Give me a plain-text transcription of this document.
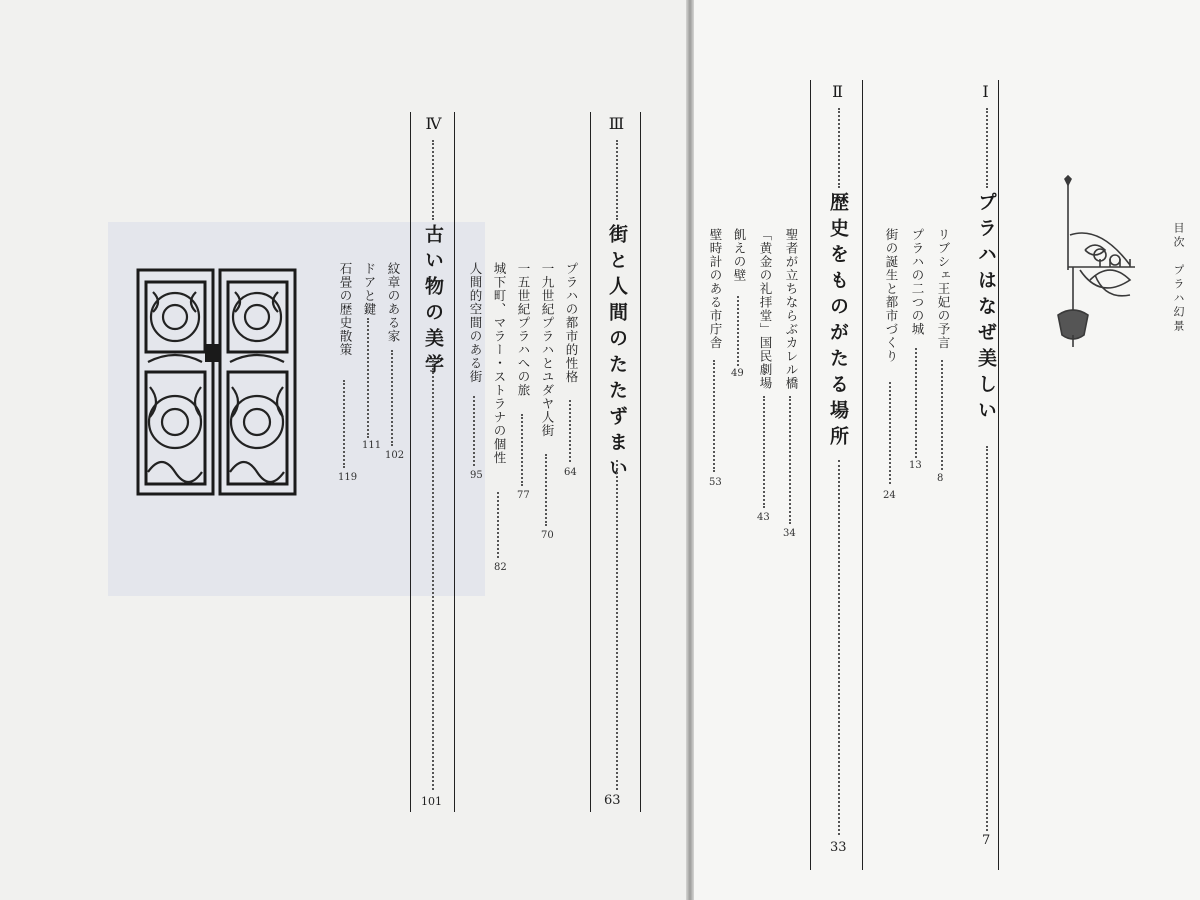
目次　プラハ幻景
Ⅰ
プラハはなぜ美しい
7
リブシェ王妃の予言
8
プラハの二つの城
13
街の誕生と都市づくり
24
Ⅱ
歴史をものがたる場所
33
聖者が立ちならぶカレル橋
34
「黄金の礼拝堂」国民劇場
43
飢えの壁
49
壁時計のある市庁舎
53
Ⅲ
街と人間のたたずまい
63
プラハの都市的性格
64
一九世紀プラハとユダヤ人街
70
一五世紀プラハへの旅
77
城下町、マラー・ストラナの個性
82
人間的空間のある街
95
Ⅳ
古い物の美学
101
紋章のある家
102
ドアと鍵
111
石畳の歴史散策
119
